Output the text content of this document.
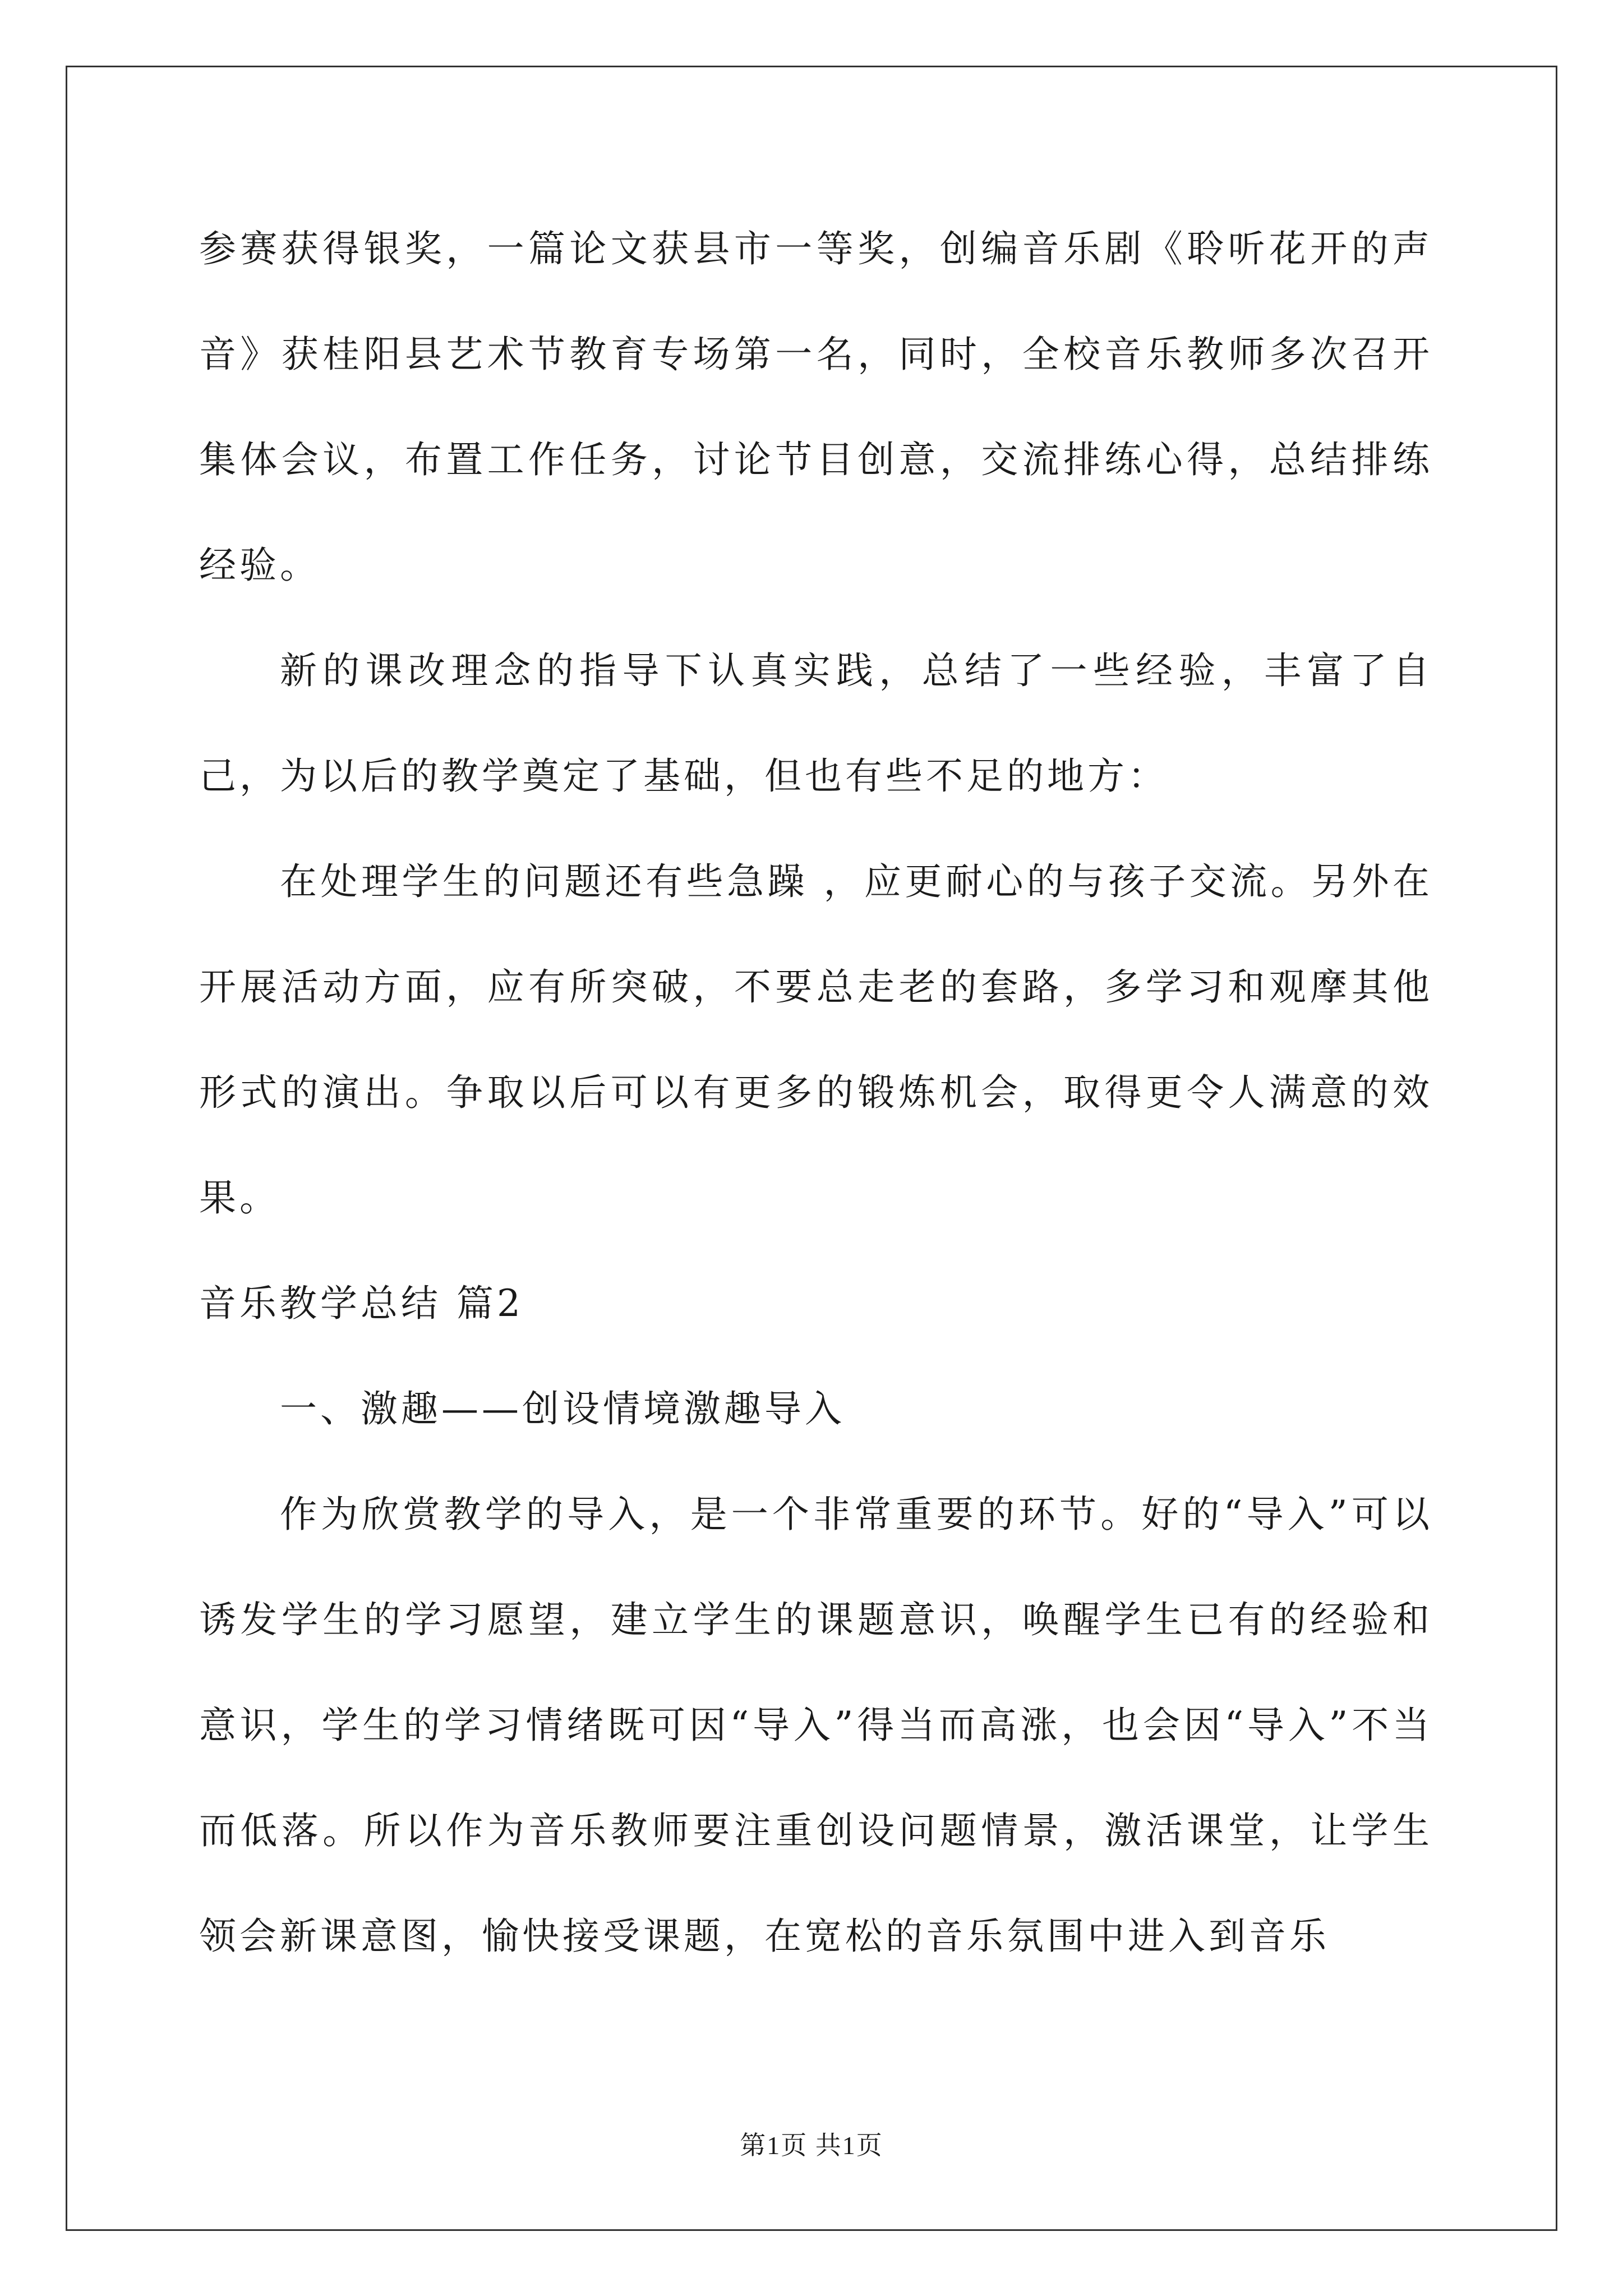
参赛获得银奖，一篇论文获县市一等奖，创编音乐剧《聆听花开的声音》获桂阳县艺术节教育专场第一名，同时，全校音乐教师多次召开集体会议，布置工作任务，讨论节目创意，交流排练心得，总结排练经验。

新的课改理念的指导下认真实践，总结了一些经验，丰富了自己，为以后的教学奠定了基础，但也有些不足的地方：

在处理学生的问题还有些急躁 ，应更耐心的与孩子交流。另外在开展活动方面，应有所突破，不要总走老的套路，多学习和观摩其他形式的演出。争取以后可以有更多的锻炼机会，取得更令人满意的效果。

音乐教学总结 篇2

一、激趣——创设情境激趣导入

作为欣赏教学的导入，是一个非常重要的环节。好的“导入”可以诱发学生的学习愿望，建立学生的课题意识，唤醒学生已有的经验和意识，学生的学习情绪既可因“导入”得当而高涨，也会因“导入”不当而低落。所以作为音乐教师要注重创设问题情景，激活课堂，让学生领会新课意图，愉快接受课题，在宽松的音乐氛围中进入到音乐

第1页 共1页
